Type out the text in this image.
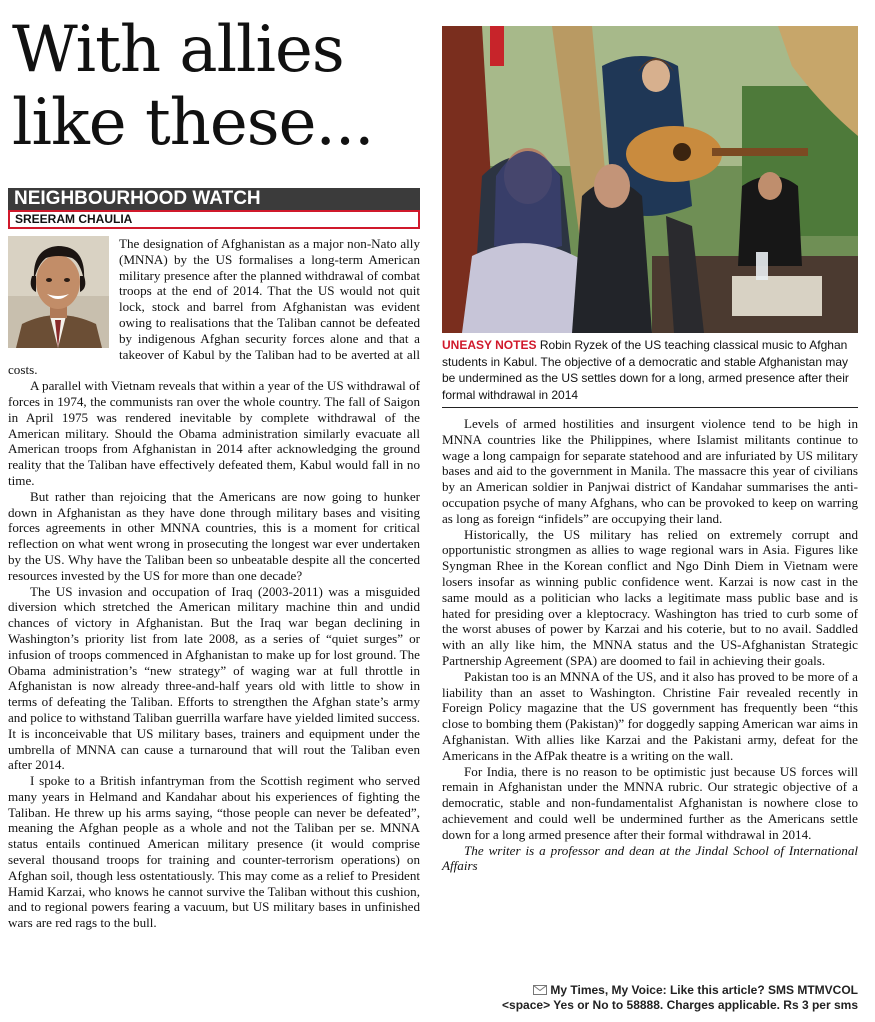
With allies
like these...
NEIGHBOURHOOD WATCH
SREERAM CHAULIA

The designation of Afghanistan as a major non-Nato ally (MNNA) by the US formalises a long-term American military presence after the planned withdrawal of combat troops at the end of 2014. That the US would not quit lock, stock and barrel from Afghanistan was evident owing to realisations that the Taliban cannot be defeated by indigenous Afghan security forces alone and that a takeover of Kabul by the Taliban had to be averted at all costs.

A parallel with Vietnam reveals that within a year of the US withdrawal of forces in 1974, the communists ran over the whole country. The fall of Saigon in April 1975 was rendered inevitable by complete withdrawal of the American military. Should the Obama administration similarly evacuate all American troops from Afghanistan in 2014 after acknowledging the ground reality that the Taliban have effectively defeated them, Kabul would fall in no time.

But rather than rejoicing that the Americans are now going to hunker down in Afghanistan as they have done through military bases and visiting forces agreements in other MNNA countries, this is a moment for critical reflection on what went wrong in prosecuting the longest war ever undertaken by the US. Why have the Taliban been so unbeatable despite all the concerted resources invested by the US for more than one decade?

The US invasion and occupation of Iraq (2003-2011) was a misguided diversion which stretched the American military machine thin and undid chances of victory in Afghanistan. But the Iraq war began declining in Washington’s priority list from late 2008, as a series of “quiet surges” or infusion of troops commenced in Afghanistan to make up for lost ground. The Obama administration’s “new strategy” of waging war at full throttle in Afghanistan is now already three-and-half years old with little to show in terms of defeating the Taliban. Efforts to strengthen the Afghan state’s army and police to withstand Taliban guerrilla warfare have yielded limited success. It is inconceivable that US military bases, trainers and equipment under the umbrella of MNNA can cause a turnaround that will rout the Taliban even after 2014.

I spoke to a British infantryman from the Scottish regiment who served many years in Helmand and Kandahar about his experiences of fighting the Taliban. He threw up his arms saying, “those people can never be defeated”, meaning the Afghan people as a whole and not the Taliban per se. MNNA status entails continued American military presence (it would comprise several thousand troops for training and counter-terrorism operations) on Afghan soil, though less ostentatiously. This may come as a relief to President Hamid Karzai, who knows he cannot survive the Taliban without this cushion, and to regional powers fearing a vacuum, but US military bases in unfinished wars are red rags to the bull.

UNEASY NOTES Robin Ryzek of the US teaching classical music to Afghan students in Kabul. The objective of a democratic and stable Afghanistan may be undermined as the US settles down for a long, armed presence after their formal withdrawal in 2014

Levels of armed hostilities and insurgent violence tend to be high in MNNA countries like the Philippines, where Islamist militants continue to wage a long campaign for separate statehood and are infuriated by US military bases and aid to the government in Manila. The massacre this year of civilians by an American soldier in Panjwai district of Kandahar summarises the anti-occupation psyche of many Afghans, who can be provoked to keep on warring as long as foreign “infidels” are occupying their land.

Historically, the US military has relied on extremely corrupt and opportunistic strongmen as allies to wage regional wars in Asia. Figures like Syngman Rhee in the Korean conflict and Ngo Dinh Diem in Vietnam were losers insofar as winning public confidence went. Karzai is now cast in the same mould as a politician who lacks a legitimate mass public base and is hated for presiding over a kleptocracy. Washington has tried to curb some of the worst abuses of power by Karzai and his coterie, but to no avail. Saddled with an ally like him, the MNNA status and the US-Afghanistan Strategic Partnership Agreement (SPA) are doomed to fail in achieving their goals.

Pakistan too is an MNNA of the US, and it also has proved to be more of a liability than an asset to Washington. Christine Fair revealed recently in Foreign Policy magazine that the US government has frequently been “this close to bombing them (Pakistan)” for doggedly sapping American war aims in Afghanistan. With allies like Karzai and the Pakistani army, defeat for the Americans in the AfPak theatre is a writing on the wall.

For India, there is no reason to be optimistic just because US forces will remain in Afghanistan under the MNNA rubric. Our strategic objective of a democratic, stable and non-fundamentalist Afghanistan is nowhere close to achievement and could well be undermined further as the Americans settle down for a long armed presence after their formal withdrawal in 2014.

The writer is a professor and dean at the Jindal School of International Affairs

My Times, My Voice: Like this article? SMS MTMVCOL
<space> Yes or No to 58888. Charges applicable. Rs 3 per sms
